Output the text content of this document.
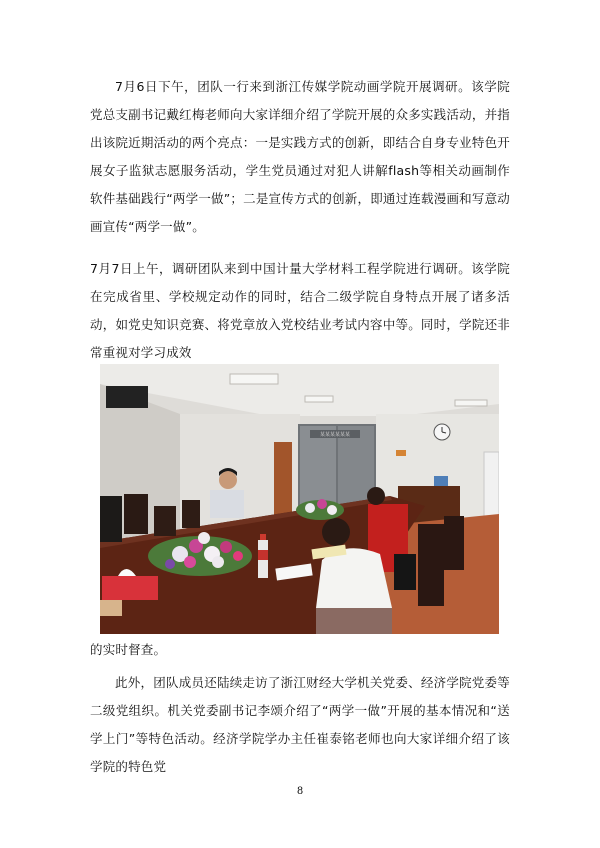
7月6日下午，团队一行来到浙江传媒学院动画学院开展调研。该学院党总支副书记戴红梅老师向大家详细介绍了学院开展的众多实践活动，并指出该院近期活动的两个亮点：一是实践方式的创新，即结合自身专业特色开展女子监狱志愿服务活动，学生党员通过对犯人讲解flash等相关动画制作软件基础践行“两学一做”；二是宣传方式的创新，即通过连载漫画和写意动画宣传“两学一做”。

7月7日上午，调研团队来到中国计量大学材料工程学院进行调研。该学院在完成省里、学校规定动作的同时，结合二级学院自身特点开展了诸多活动，如党史知识竞赛、将党章放入党校结业考试内容中等。同时，学院还非常重视对学习成效

某某某某某某

的实时督查。

此外，团队成员还陆续走访了浙江财经大学机关党委、经济学院党委等二级党组织。机关党委副书记李颂介绍了“两学一做”开展的基本情况和“送学上门”等特色活动。经济学院学办主任崔泰铭老师也向大家详细介绍了该学院的特色党

8
